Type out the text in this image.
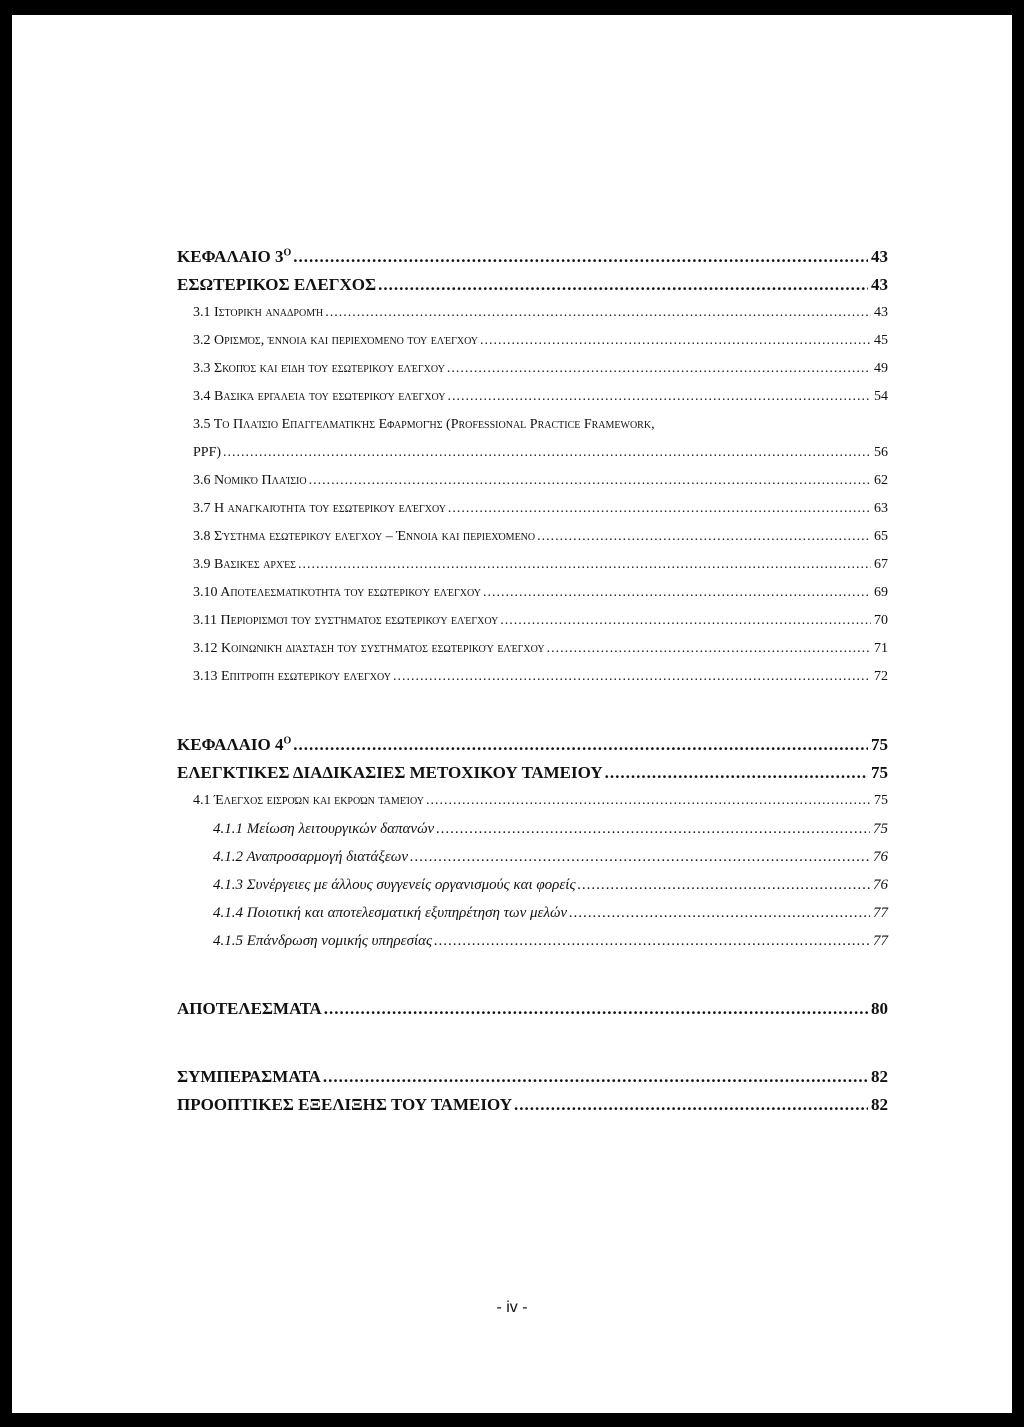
ΚΕΦΑΛΑΙΟ $3^O$ .....	43
ΕΣΩΤΕΡΙΚΟΣ ΕΛΕΓΧΟΣ .....	43
3.1 Ιστορική αναδρομή .....	43
3.2 Ορισμός, έννοια και περιεχόμενο του ελέγχου .....	45
3.3 Σκοπός και είδη του εσωτερικού ελέγχου .....	49
3.4 Βασικά εργαλεία του εσωτερικού ελέγχου .....	54
3.5 Το Πλαίσιο Επαγγελματικής Εφαρμογής (Professional Practice Framework,
PPF) .....	56
3.6 Νομικό Πλαίσιο .....	62
3.7 Η αναγκαιότητα του εσωτερικού ελέγχου .....	63
3.8 Σύστημα εσωτερικού ελέγχου – Έννοια και περιεχόμενο .....	65
3.9 Βασικές αρχές .....	67
3.10 Αποτελεσματικότητα του εσωτερικού ελέγχου .....	69
3.11 Περιορισμοί του συστήματος εσωτερικού ελέγχου .....	70
3.12 Κοινωνική διάσταση του συστήματος εσωτερικού ελέγχου .....	71
3.13 Επιτροπή εσωτερικού ελέγχου .....	72
ΚΕΦΑΛΑΙΟ $4^O$ .....	75
ΕΛΕΓΚΤΙΚΕΣ ΔΙΑΔΙΚΑΣΙΕΣ ΜΕΤΟΧΙΚΟΥ ΤΑΜΕΙΟΥ .....	75
4.1 Έλεγχος εισροών και εκροών ταμείου .....	75
4.1.1 Μείωση λειτουργικών δαπανών .....	75
4.1.2 Αναπροσαρμογή διατάξεων .....	76
4.1.3 Συνέργειες με άλλους συγγενείς οργανισμούς και φορείς .....	76
4.1.4 Ποιοτική και αποτελεσματική εξυπηρέτηση των μελών .....	77
4.1.5 Επάνδρωση νομικής υπηρεσίας .....	77
ΑΠΟΤΕΛΕΣΜΑΤΑ .....	80
ΣΥΜΠΕΡΑΣΜΑΤΑ .....	82
ΠΡΟΟΠΤΙΚΕΣ ΕΞΕΛΙΞΗΣ ΤΟΥ ΤΑΜΕΙΟΥ .....	82
- iv -
